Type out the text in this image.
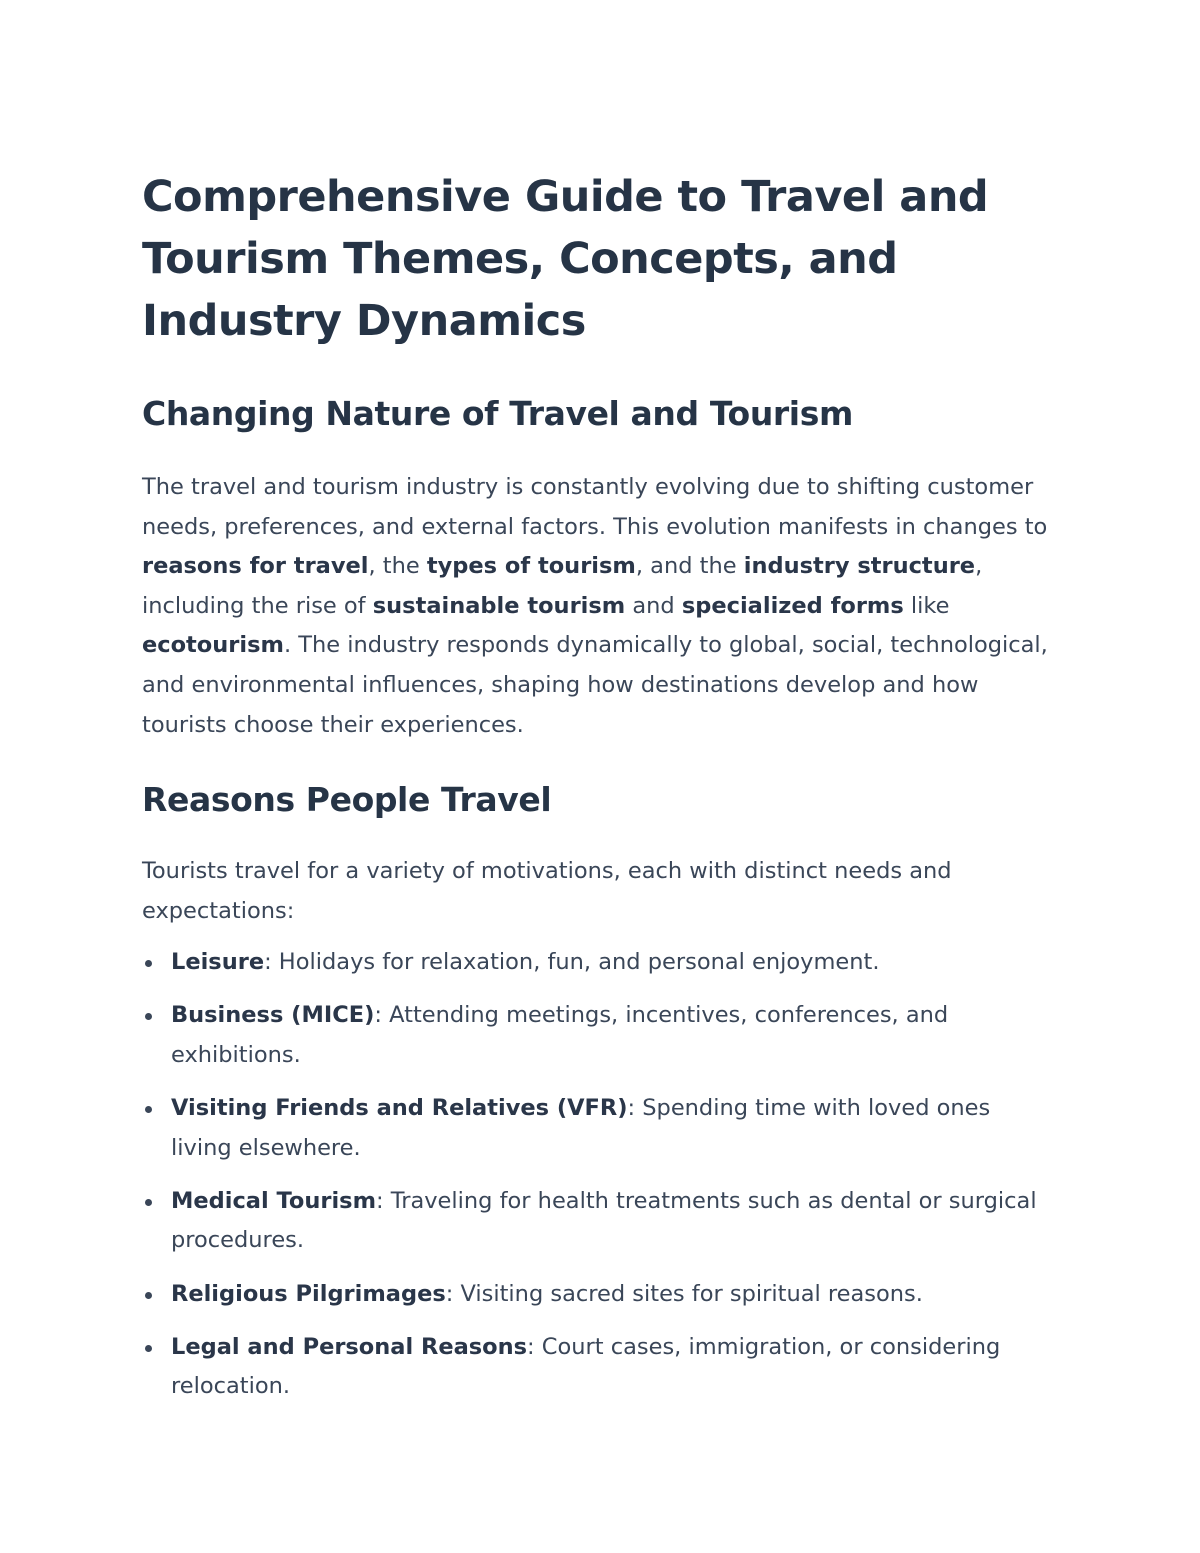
Comprehensive Guide to Travel and Tourism Themes, Concepts, and Industry Dynamics
Changing Nature of Travel and Tourism

The travel and tourism industry is constantly evolving due to shifting customer needs, preferences, and external factors. This evolution manifests in changes to reasons for travel, the types of tourism, and the industry structure, including the rise of sustainable tourism and specialized forms like ecotourism. The industry responds dynamically to global, social, technological, and environmental influences, shaping how destinations develop and how tourists choose their experiences.

Reasons People Travel

Tourists travel for a variety of motivations, each with distinct needs and expectations:

Leisure: Holidays for relaxation, fun, and personal enjoyment.
Business (MICE): Attending meetings, incentives, conferences, and exhibitions.
Visiting Friends and Relatives (VFR): Spending time with loved ones living elsewhere.
Medical Tourism: Traveling for health treatments such as dental or surgical procedures.
Religious Pilgrimages: Visiting sacred sites for spiritual reasons.
Legal and Personal Reasons: Court cases, immigration, or considering relocation.
